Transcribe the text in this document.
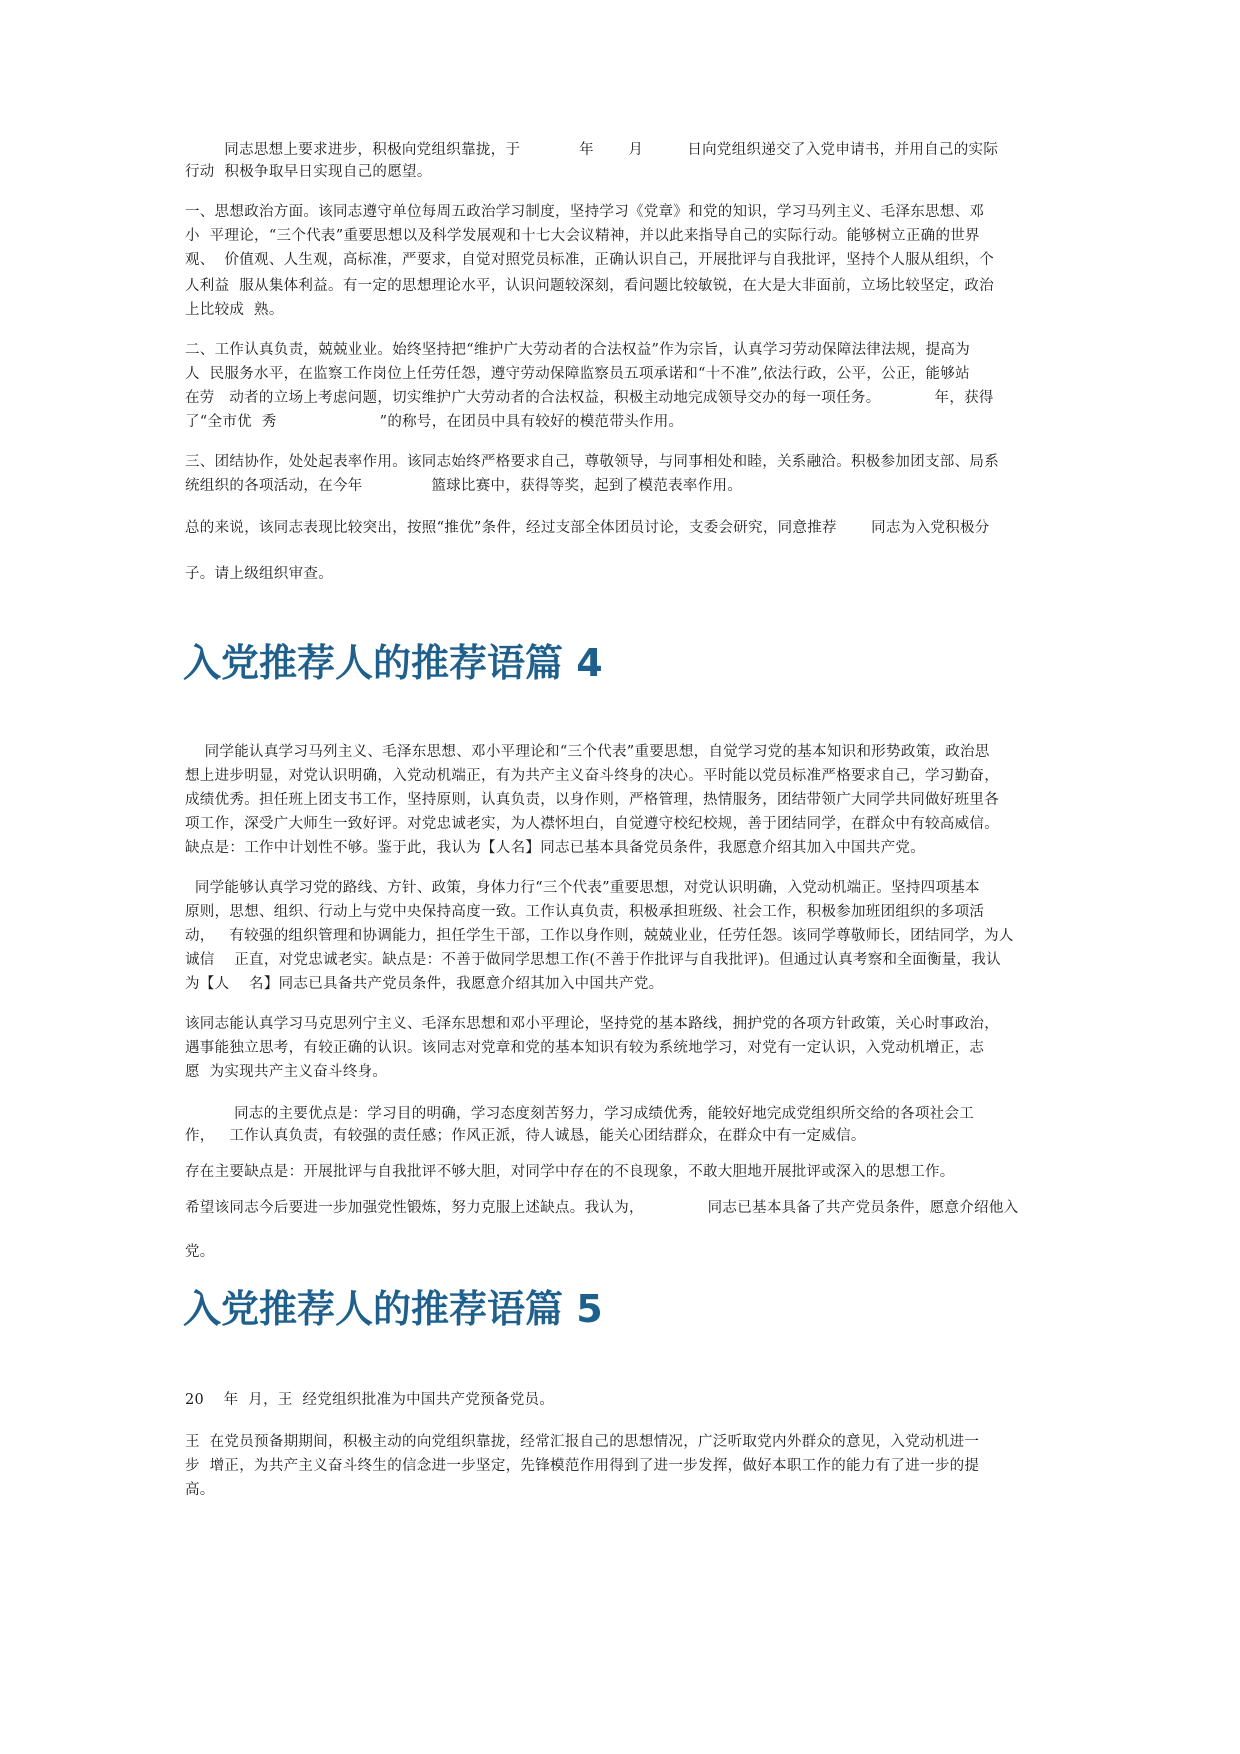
同志思想上要求进步，积极向党组织靠拢，于            年       月         日向党组织递交了入党申请书，并用自己的实际

行动  积极争取早日实现自己的愿望。

一、思想政治方面。该同志遵守单位每周五政治学习制度，坚持学习《党章》和党的知识，学习马列主义、毛泽东思想、邓

小  平理论，“三个代表”重要思想以及科学发展观和十七大会议精神，并以此来指导自己的实际行动。能够树立正确的世界

观、  价值观、人生观，高标准，严要求，自觉对照党员标准，正确认识自己，开展批评与自我批评，坚持个人服从组织，个

人利益  服从集体利益。有一定的思想理论水平，认识问题较深刻，看问题比较敏锐，在大是大非面前，立场比较坚定，政治

上比较成  熟。

二、工作认真负责，兢兢业业。始终坚持把“维护广大劳动者的合法权益”作为宗旨，认真学习劳动保障法律法规，提高为

人  民服务水平，在监察工作岗位上任劳任怨，遵守劳动保障监察员五项承诺和“十不准”,依法行政，公平，公正，能够站

在劳   动者的立场上考虑问题，切实维护广大劳动者的合法权益，积极主动地完成领导交办的每一项任务。           年，获得

了“全市优  秀                     ”的称号，在团员中具有较好的模范带头作用。

三、团结协作，处处起表率作用。该同志始终严格要求自己，尊敬领导，与同事相处和睦，关系融洽。积极参加团支部、局系

统组织的各项活动，在今年              篮球比赛中，获得等奖，起到了模范表率作用。

总的来说，该同志表现比较突出，按照“推优”条件，经过支部全体团员讨论，支委会研究，同意推荐       同志为入党积极分

子。请上级组织审查。

入党推荐人的推荐语篇 4

同学能认真学习马列主义、毛泽东思想、邓小平理论和“三个代表”重要思想，自觉学习党的基本知识和形势政策，政治思

想上进步明显，对党认识明确，入党动机端正，有为共产主义奋斗终身的决心。平时能以党员标准严格要求自己，学习勤奋，

成绩优秀。担任班上团支书工作，坚持原则，认真负责，以身作则，严格管理，热情服务，团结带领广大同学共同做好班里各

项工作，深受广大师生一致好评。对党忠诚老实，为人襟怀坦白，自觉遵守校纪校规，善于团结同学，在群众中有较高威信。

缺点是：工作中计划性不够。鉴于此，我认为【人名】同志已基本具备党员条件，我愿意介绍其加入中国共产党。

同学能够认真学习党的路线、方针、政策，身体力行“三个代表”重要思想，对党认识明确，入党动机端正。坚持四项基本

原则，思想、组织、行动上与党中央保持高度一致。工作认真负责，积极承担班级、社会工作，积极参加班团组织的多项活

动，   有较强的组织管理和协调能力，担任学生干部，工作以身作则，兢兢业业，任劳任怨。该同学尊敬师长，团结同学，为人

诚信    正直，对党忠诚老实。缺点是：不善于做同学思想工作(不善于作批评与自我批评)。但通过认真考察和全面衡量，我认

为【人    名】同志已具备共产党员条件，我愿意介绍其加入中国共产党。

该同志能认真学习马克思列宁主义、毛泽东思想和邓小平理论，坚持党的基本路线，拥护党的各项方针政策，关心时事政治，

遇事能独立思考，有较正确的认识。该同志对党章和党的基本知识有较为系统地学习，对党有一定认识，入党动机增正，志

愿  为实现共产主义奋斗终身。

同志的主要优点是：学习目的明确，学习态度刻苦努力，学习成绩优秀，能较好地完成党组织所交给的各项社会工

作，   工作认真负责，有较强的责任感；作风正派，待人诚恳，能关心团结群众，在群众中有一定威信。

存在主要缺点是：开展批评与自我批评不够大胆，对同学中存在的不良现象，不敢大胆地开展批评或深入的思想工作。

希望该同志今后要进一步加强党性锻炼，努力克服上述缺点。我认为，             同志已基本具备了共产党员条件，愿意介绍他入

党。

入党推荐人的推荐语篇 5

20    年  月，王  经党组织批准为中国共产党预备党员。

王  在党员预备期期间，积极主动的向党组织靠拢，经常汇报自己的思想情况，广泛听取党内外群众的意见，入党动机进一

步  增正，为共产主义奋斗终生的信念进一步坚定，先锋模范作用得到了进一步发挥，做好本职工作的能力有了进一步的提

高。
